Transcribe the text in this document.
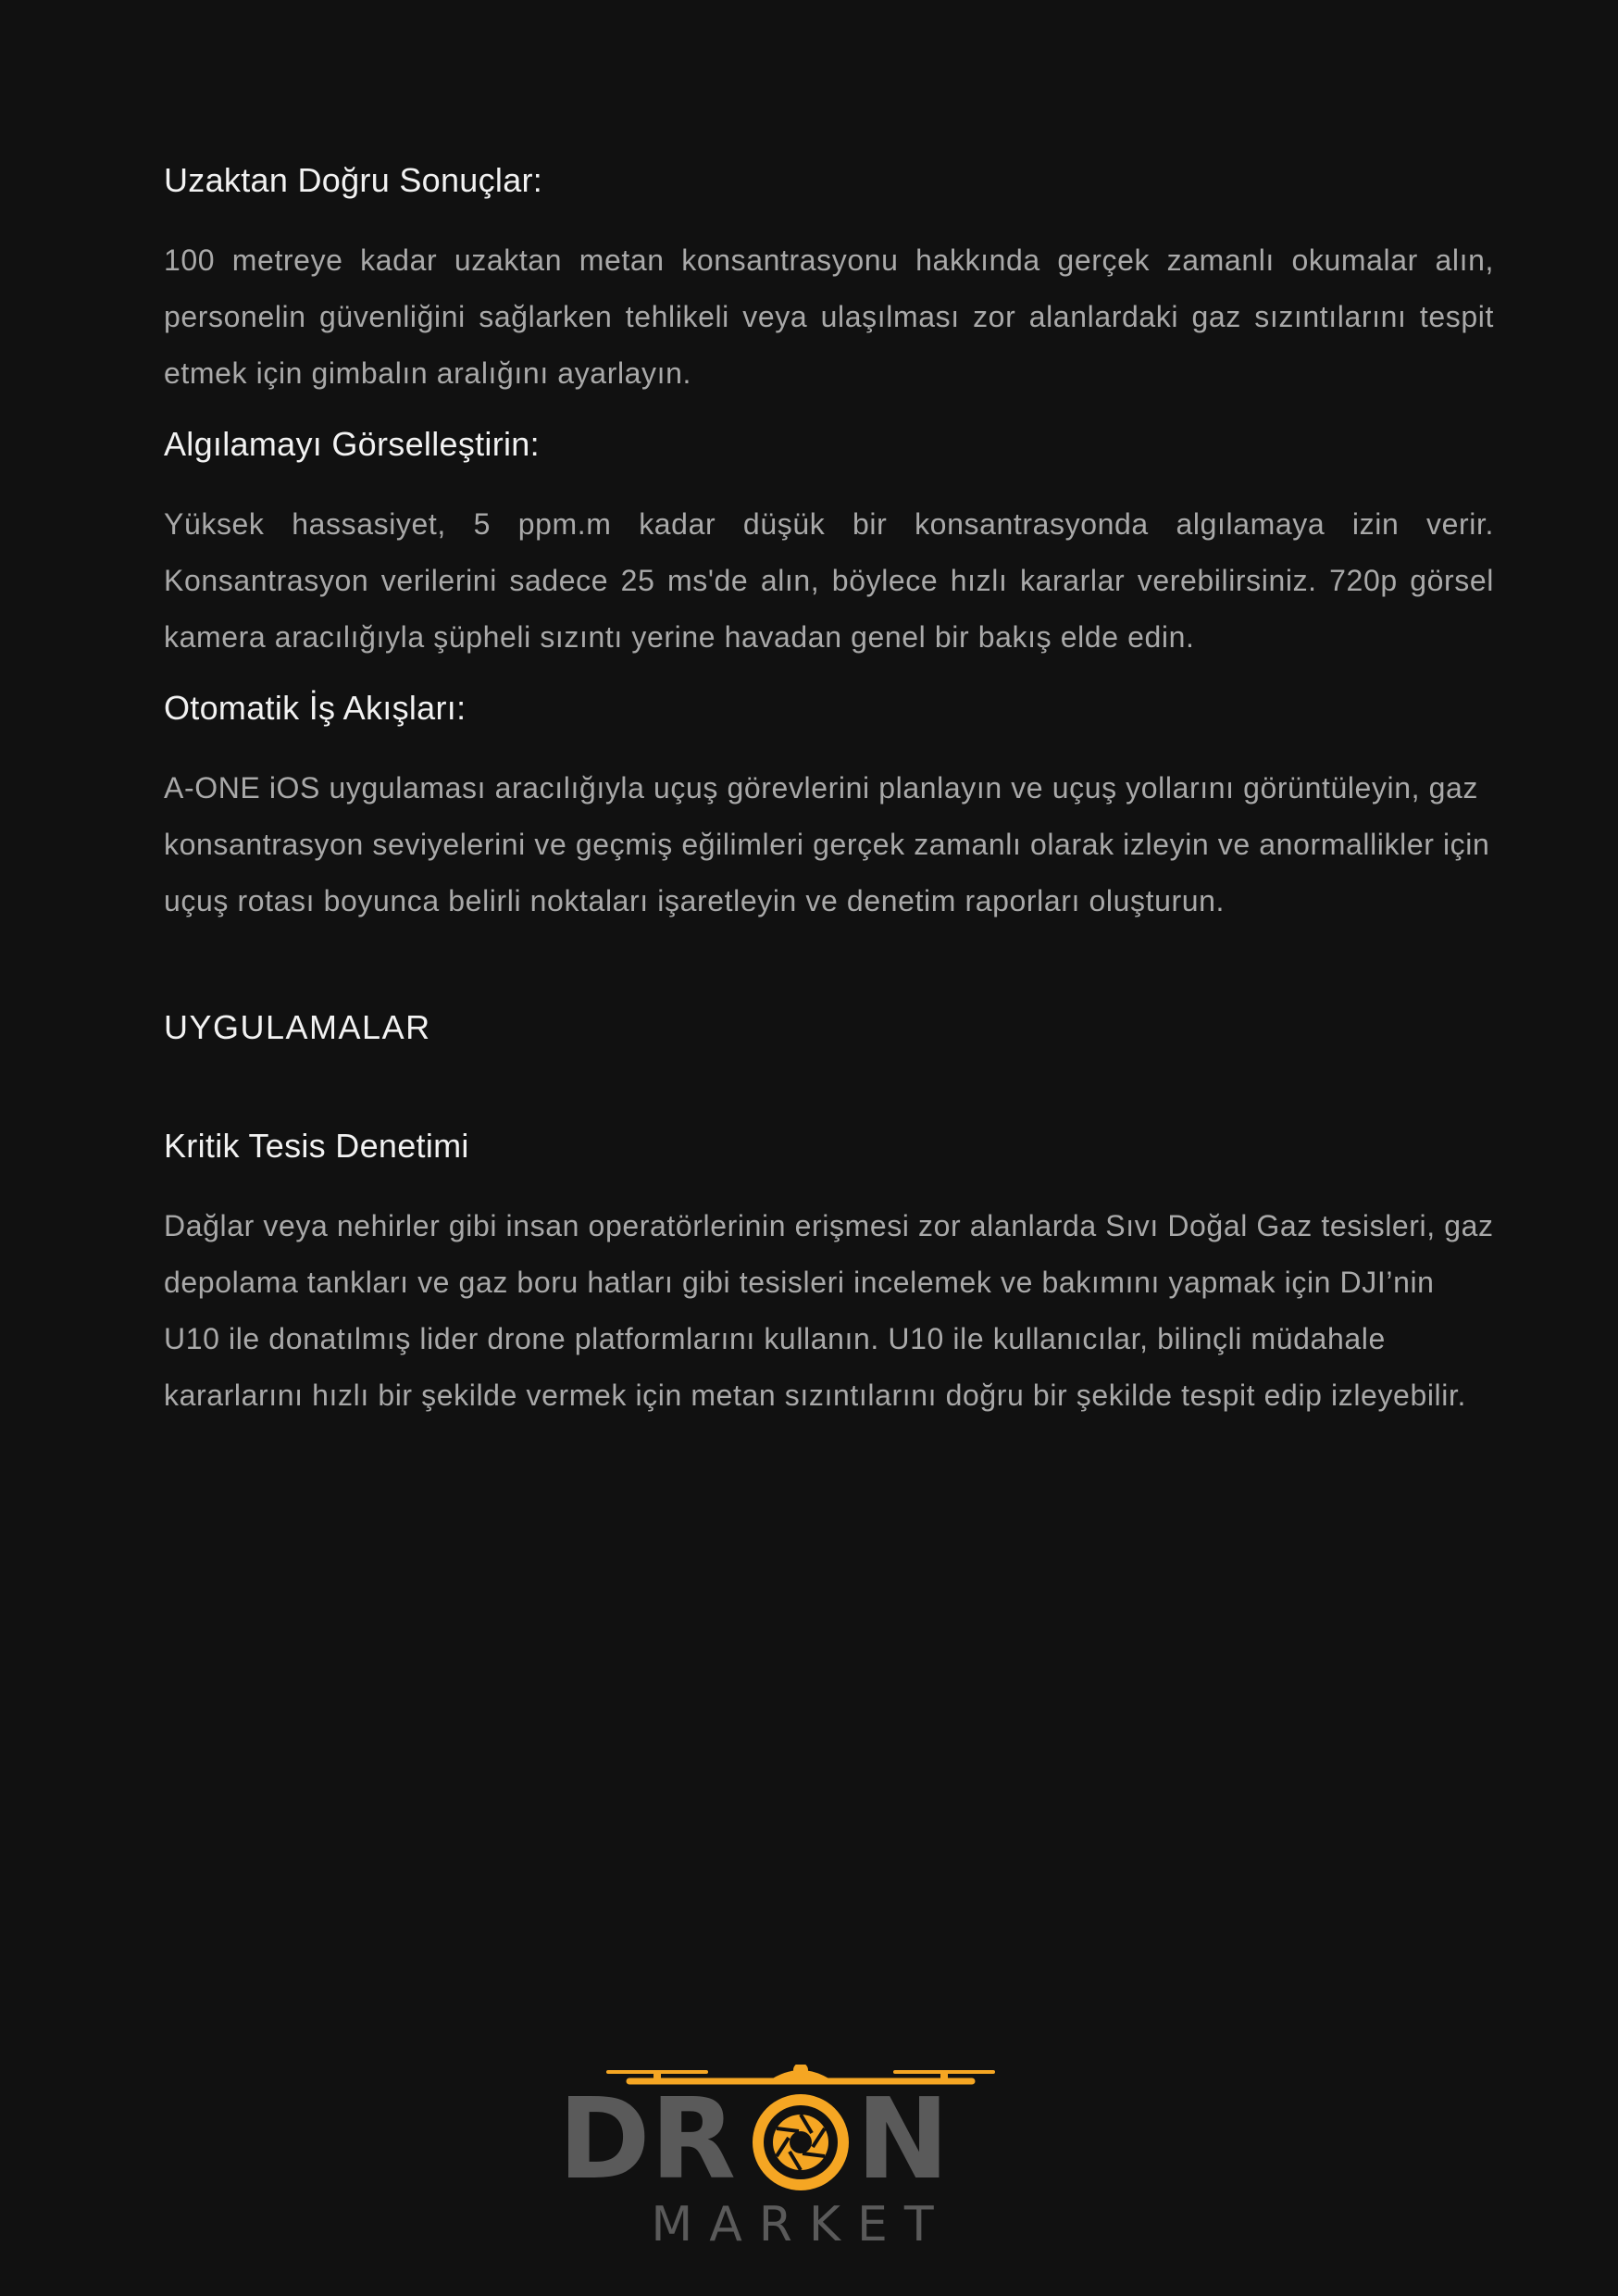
Uzaktan Doğru Sonuçlar:

100 metreye kadar uzaktan metan konsantrasyonu hakkında gerçek zamanlı okumalar alın, personelin güvenliğini sağlarken tehlikeli veya ulaşılması zor alanlardaki gaz sızıntılarını tespit etmek için gimbalın aralığını ayarlayın.

Algılamayı Görselleştirin:

Yüksek hassasiyet, 5 ppm.m kadar düşük bir konsantrasyonda algılamaya izin verir. Konsantrasyon verilerini sadece 25 ms'de alın, böylece hızlı kararlar verebilirsiniz. 720p görsel kamera aracılığıyla şüpheli sızıntı yerine havadan genel bir bakış elde edin.

Otomatik İş Akışları:

A-ONE iOS uygulaması aracılığıyla uçuş görevlerini planlayın ve uçuş yollarını görüntüleyin, gaz konsantrasyon seviyelerini ve geçmiş eğilimleri gerçek zamanlı olarak izleyin ve anormallikler için uçuş rotası boyunca belirli noktaları işaretleyin ve denetim raporları oluşturun.

UYGULAMALAR
Kritik Tesis Denetimi

Dağlar veya nehirler gibi insan operatörlerinin erişmesi zor alanlarda Sıvı Doğal Gaz tesisleri, gaz depolama tankları ve gaz boru hatları gibi tesisleri incelemek ve bakımını yapmak için DJI’nin U10 ile donatılmış lider drone platformlarını kullanın. U10 ile kullanıcılar, bilinçli müdahale kararlarını hızlı bir şekilde vermek için metan sızıntılarını doğru bir şekilde tespit edip izleyebilir.

DR N
MARKET
